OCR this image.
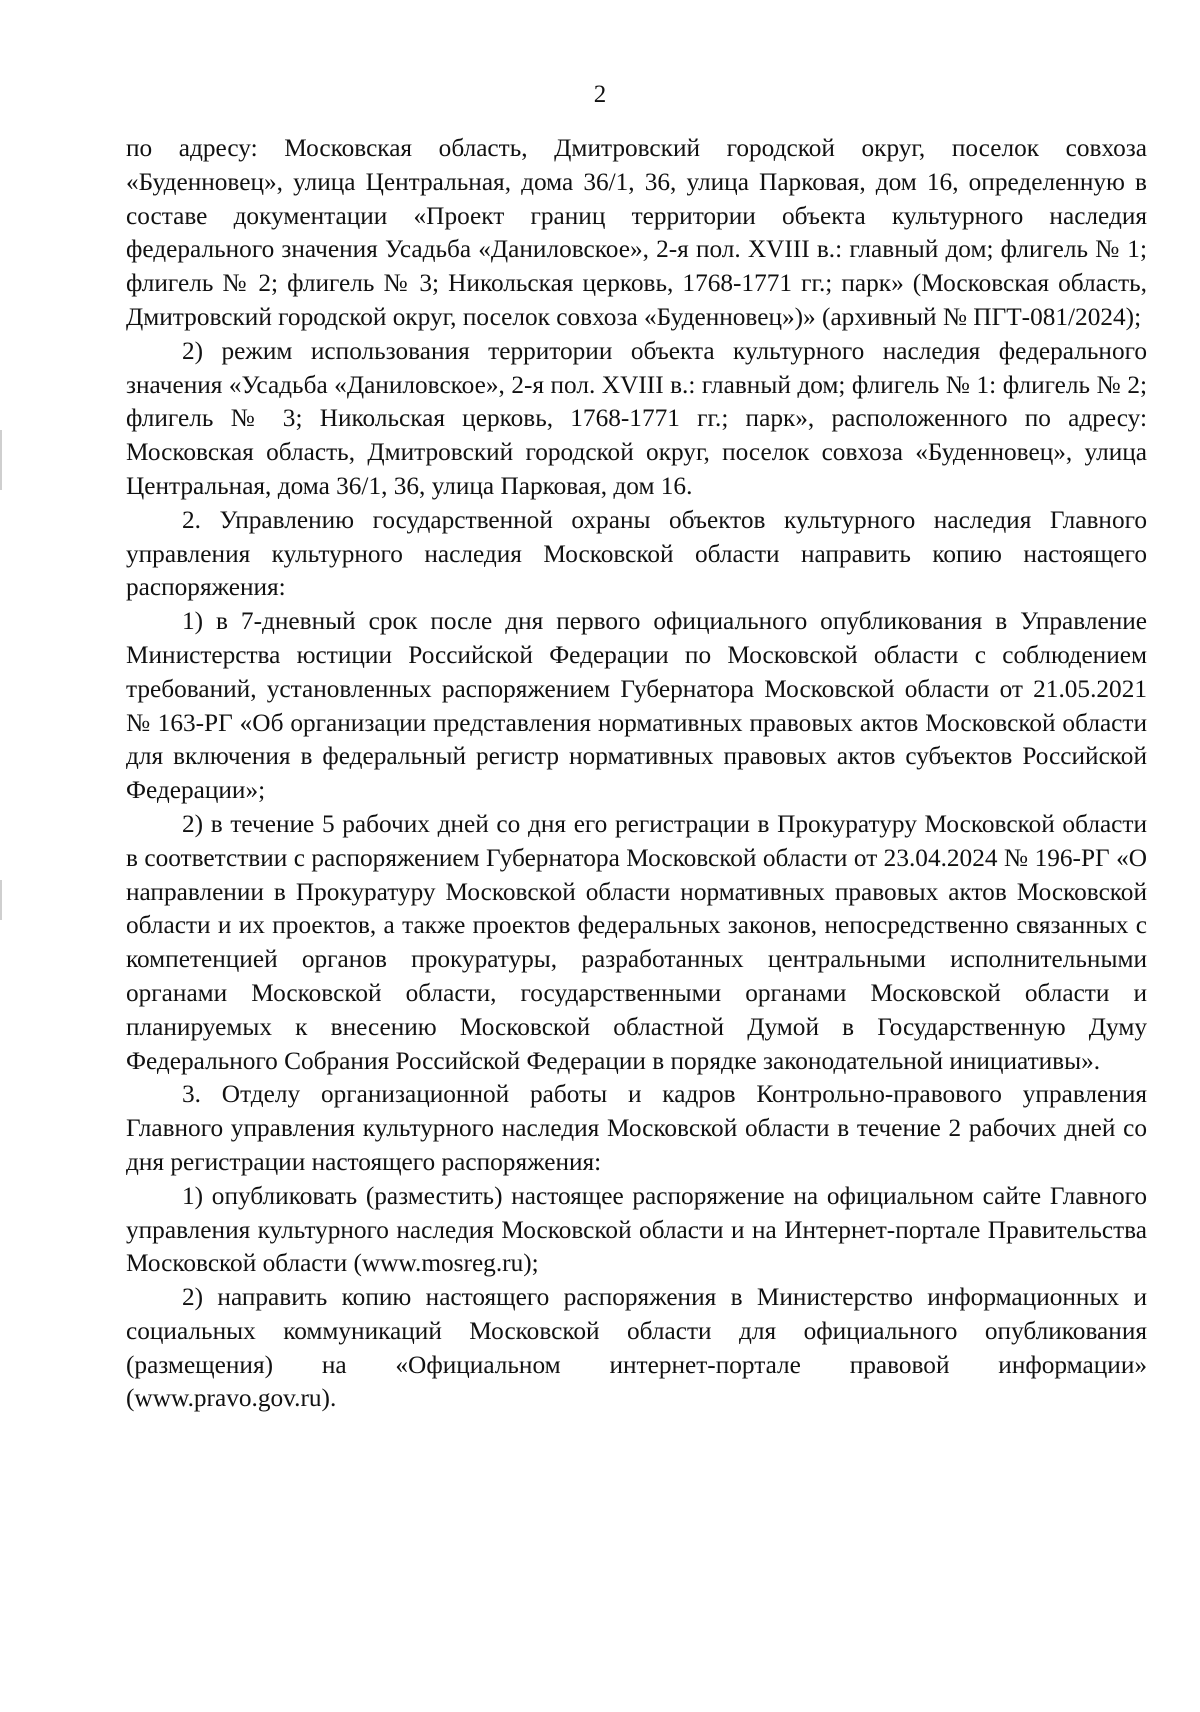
2

по адресу: Московская область, Дмитровский городской округ, поселок совхоза «Буденновец», улица Центральная, дома 36/1, 36, улица Парковая, дом 16, определенную в составе документации «Проект границ территории объекта культурного наследия федерального значения Усадьба «Даниловское», 2-я пол. XVIII в.: главный дом; флигель № 1; флигель № 2; флигель № 3; Никольская церковь, 1768-1771 гг.; парк» (Московская область, Дмитровский городской округ, поселок совхоза «Буденновец»)» (архивный № ПГТ-081/2024);

2) режим использования территории объекта культурного наследия федерального значения «Усадьба «Даниловское», 2-я пол. XVIII в.: главный дом; флигель № 1: флигель № 2; флигель № 3; Никольская церковь, 1768-1771 гг.; парк», расположенного по адресу: Московская область, Дмитровский городской округ, поселок совхоза «Буденновец», улица Центральная, дома 36/1, 36, улица Парковая, дом 16.

2. Управлению государственной охраны объектов культурного наследия Главного управления культурного наследия Московской области направить копию настоящего распоряжения:

1) в 7-дневный срок после дня первого официального опубликования в Управление Министерства юстиции Российской Федерации по Московской области с соблюдением требований, установленных распоряжением Губернатора Московской области от 21.05.2021 № 163-РГ «Об организации представления нормативных правовых актов Московской области для включения в федеральный регистр нормативных правовых актов субъектов Российской Федерации»;

2) в течение 5 рабочих дней со дня его регистрации в Прокуратуру Московской области в соответствии с распоряжением Губернатора Московской области от 23.04.2024 № 196-РГ «О направлении в Прокуратуру Московской области нормативных правовых актов Московской области и их проектов, а также проектов федеральных законов, непосредственно связанных с компетенцией органов прокуратуры, разработанных центральными исполнительными органами Московской области, государственными органами Московской области и планируемых к внесению Московской областной Думой в Государственную Думу Федерального Собрания Российской Федерации в порядке законодательной инициативы».

3. Отделу организационной работы и кадров Контрольно-правового управления Главного управления культурного наследия Московской области в течение 2 рабочих дней со дня регистрации настоящего распоряжения:

1) опубликовать (разместить) настоящее распоряжение на официальном сайте Главного управления культурного наследия Московской области и на Интернет-портале Правительства Московской области (www.mosreg.ru);

2) направить копию настоящего распоряжения в Министерство информационных и социальных коммуникаций Московской области для официального опубликования (размещения) на «Официальном интернет-портале правовой информации» (www.pravo.gov.ru).
